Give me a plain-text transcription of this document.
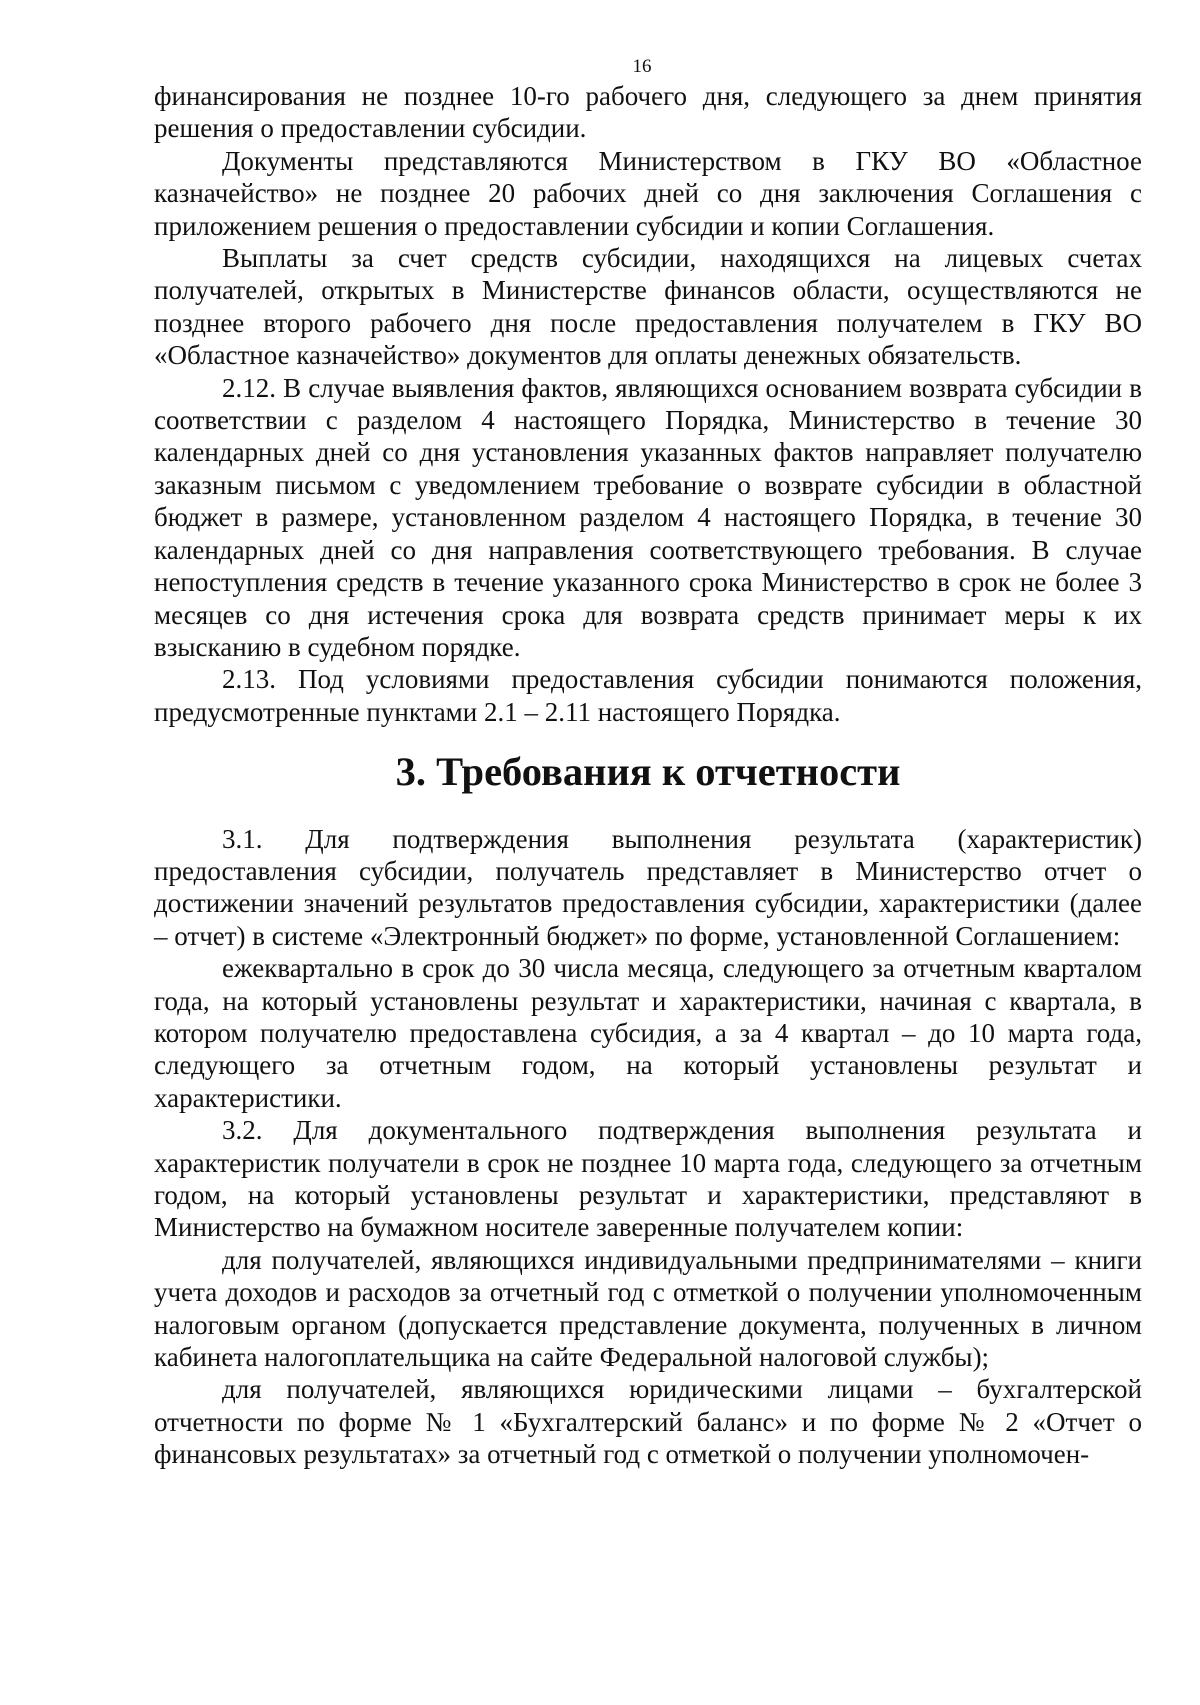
16

финансирования не позднее 10-го рабочего дня, следующего за днем принятия решения о предоставлении субсидии.

Документы представляются Министерством в ГКУ ВО «Областное казначейство» не позднее 20 рабочих дней со дня заключения Соглашения с приложением решения о предоставлении субсидии и копии Соглашения.

Выплаты за счет средств субсидии, находящихся на лицевых счетах получателей, открытых в Министерстве финансов области, осуществляются не позднее второго рабочего дня после предоставления получателем в ГКУ ВО «Областное казначейство» документов для оплаты денежных обязательств.

2.12. В случае выявления фактов, являющихся основанием возврата субсидии в соответствии с разделом 4 настоящего Порядка, Министерство в течение 30 календарных дней со дня установления указанных фактов направляет получателю заказным письмом с уведомлением требование о возврате субсидии в областной бюджет в размере, установленном разделом 4 настоящего Порядка, в течение 30 календарных дней со дня направления соответствующего требования. В случае непоступления средств в течение указанного срока Министерство в срок не более 3 месяцев со дня истечения срока для возврата средств принимает меры к их взысканию в судебном порядке.

2.13. Под условиями предоставления субсидии понимаются положения, предусмотренные пунктами 2.1 – 2.11 настоящего Порядка.

3. Требования к отчетности

3.1. Для подтверждения выполнения результата (характеристик) предоставления субсидии, получатель представляет в Министерство отчет о достижении значений результатов предоставления субсидии, характеристики (далее – отчет) в системе «Электронный бюджет» по форме, установленной Соглашением:

ежеквартально в срок до 30 числа месяца, следующего за отчетным кварталом года, на который установлены результат и характеристики, начиная с квартала, в котором получателю предоставлена субсидия, а за 4 квартал – до 10 марта года, следующего за отчетным годом, на который установлены результат и характеристики.

3.2. Для документального подтверждения выполнения результата и характеристик получатели в срок не позднее 10 марта года, следующего за отчетным годом, на который установлены результат и характеристики, представляют в Министерство на бумажном носителе заверенные получателем копии:

для получателей, являющихся индивидуальными предпринимателями – книги учета доходов и расходов за отчетный год с отметкой о получении уполномоченным налоговым органом (допускается представление документа, полученных в личном кабинета налогоплательщика на сайте Федеральной налоговой службы);

для получателей, являющихся юридическими лицами – бухгалтерской отчетности по форме № 1 «Бухгалтерский баланс» и по форме № 2 «Отчет о финансовых результатах» за отчетный год с отметкой о получении уполномочен-
